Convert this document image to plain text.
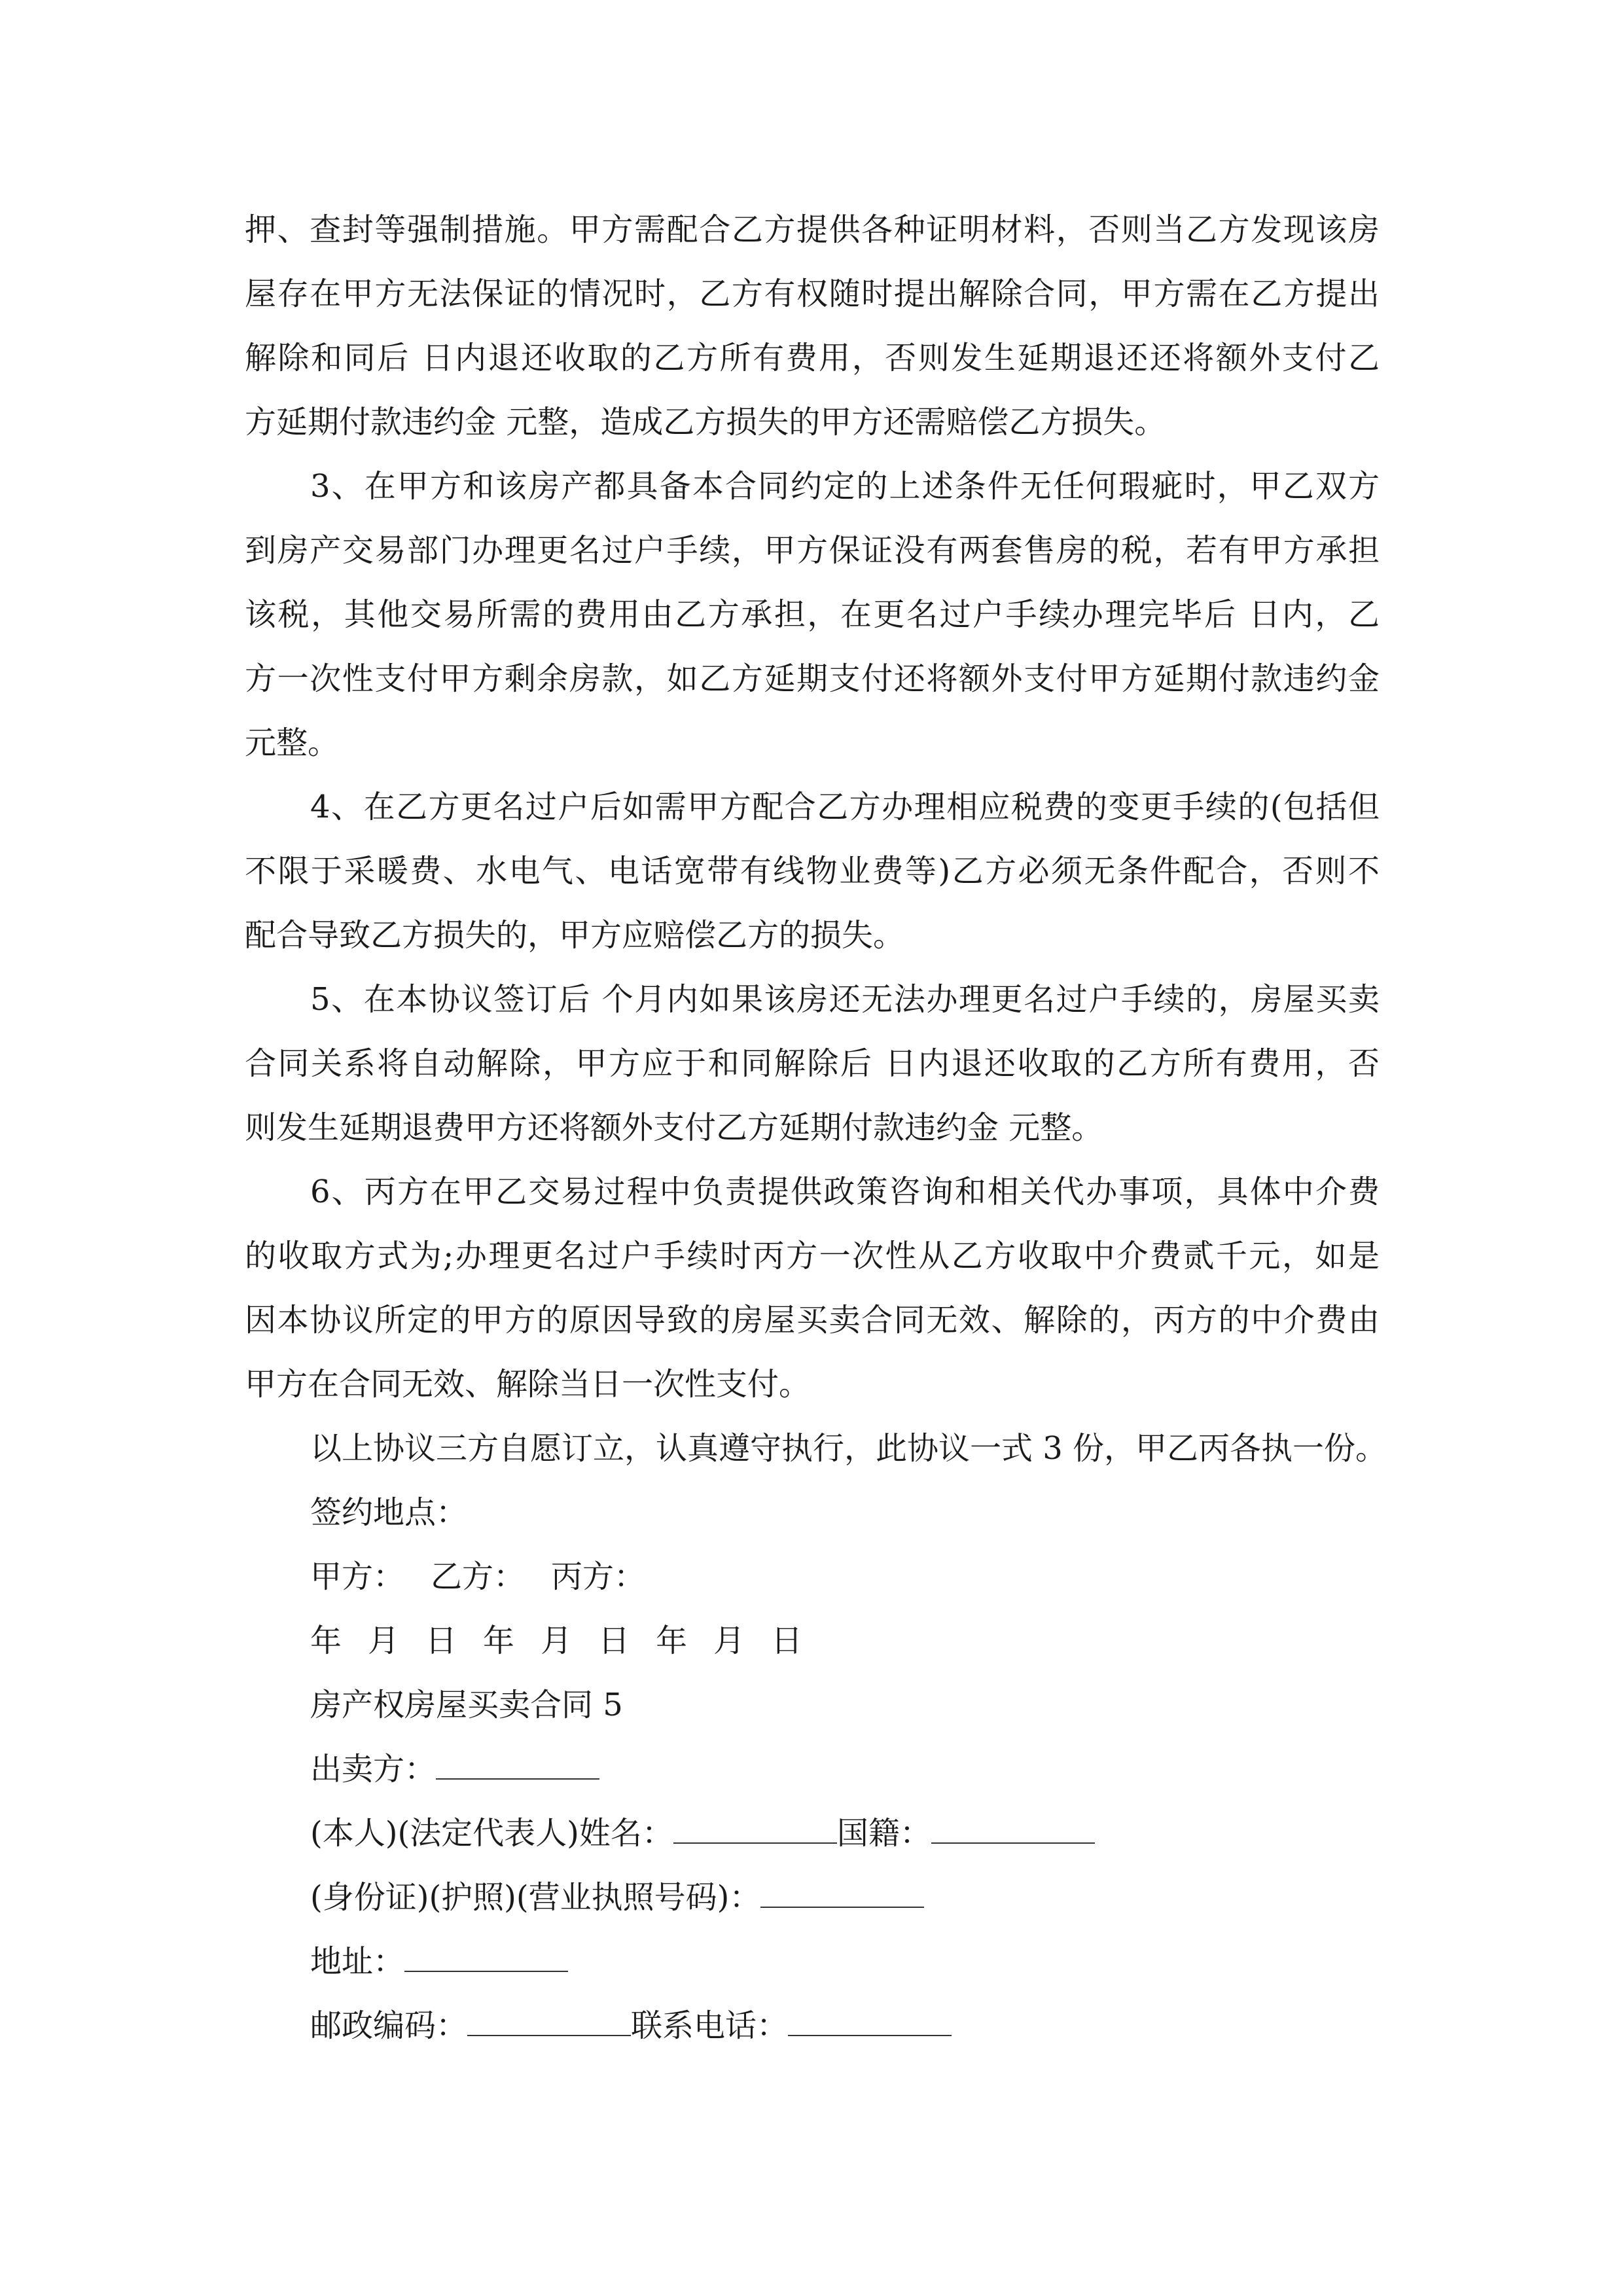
押、查封等强制措施。甲方需配合乙方提供各种证明材料，否则当乙方发现该房
屋存在甲方无法保证的情况时，乙方有权随时提出解除合同，甲方需在乙方提出
解除和同后 日内退还收取的乙方所有费用，否则发生延期退还还将额外支付乙
方延期付款违约金 元整，造成乙方损失的甲方还需赔偿乙方损失。
3、在甲方和该房产都具备本合同约定的上述条件无任何瑕疵时，甲乙双方
到房产交易部门办理更名过户手续，甲方保证没有两套售房的税，若有甲方承担
该税，其他交易所需的费用由乙方承担，在更名过户手续办理完毕后 日内，乙
方一次性支付甲方剩余房款，如乙方延期支付还将额外支付甲方延期付款违约金
元整。
4、在乙方更名过户后如需甲方配合乙方办理相应税费的变更手续的(包括但
不限于采暖费、水电气、电话宽带有线物业费等)乙方必须无条件配合，否则不
配合导致乙方损失的，甲方应赔偿乙方的损失。
5、在本协议签订后 个月内如果该房还无法办理更名过户手续的，房屋买卖
合同关系将自动解除，甲方应于和同解除后 日内退还收取的乙方所有费用，否
则发生延期退费甲方还将额外支付乙方延期付款违约金 元整。
6、丙方在甲乙交易过程中负责提供政策咨询和相关代办事项，具体中介费
的收取方式为;办理更名过户手续时丙方一次性从乙方收取中介费贰千元，如是
因本协议所定的甲方的原因导致的房屋买卖合同无效、解除的，丙方的中介费由
甲方在合同无效、解除当日一次性支付。
以上协议三方自愿订立，认真遵守执行，此协议一式 3 份，甲乙丙各执一份。
签约地点：
甲方： 乙方： 丙方：
年 月 日 年 月 日 年 月 日
房产权房屋买卖合同 5
出卖方：
(本人)(法定代表人)姓名：	国籍：
(身份证)(护照)(营业执照号码)：
地址：
邮政编码：	联系电话：
